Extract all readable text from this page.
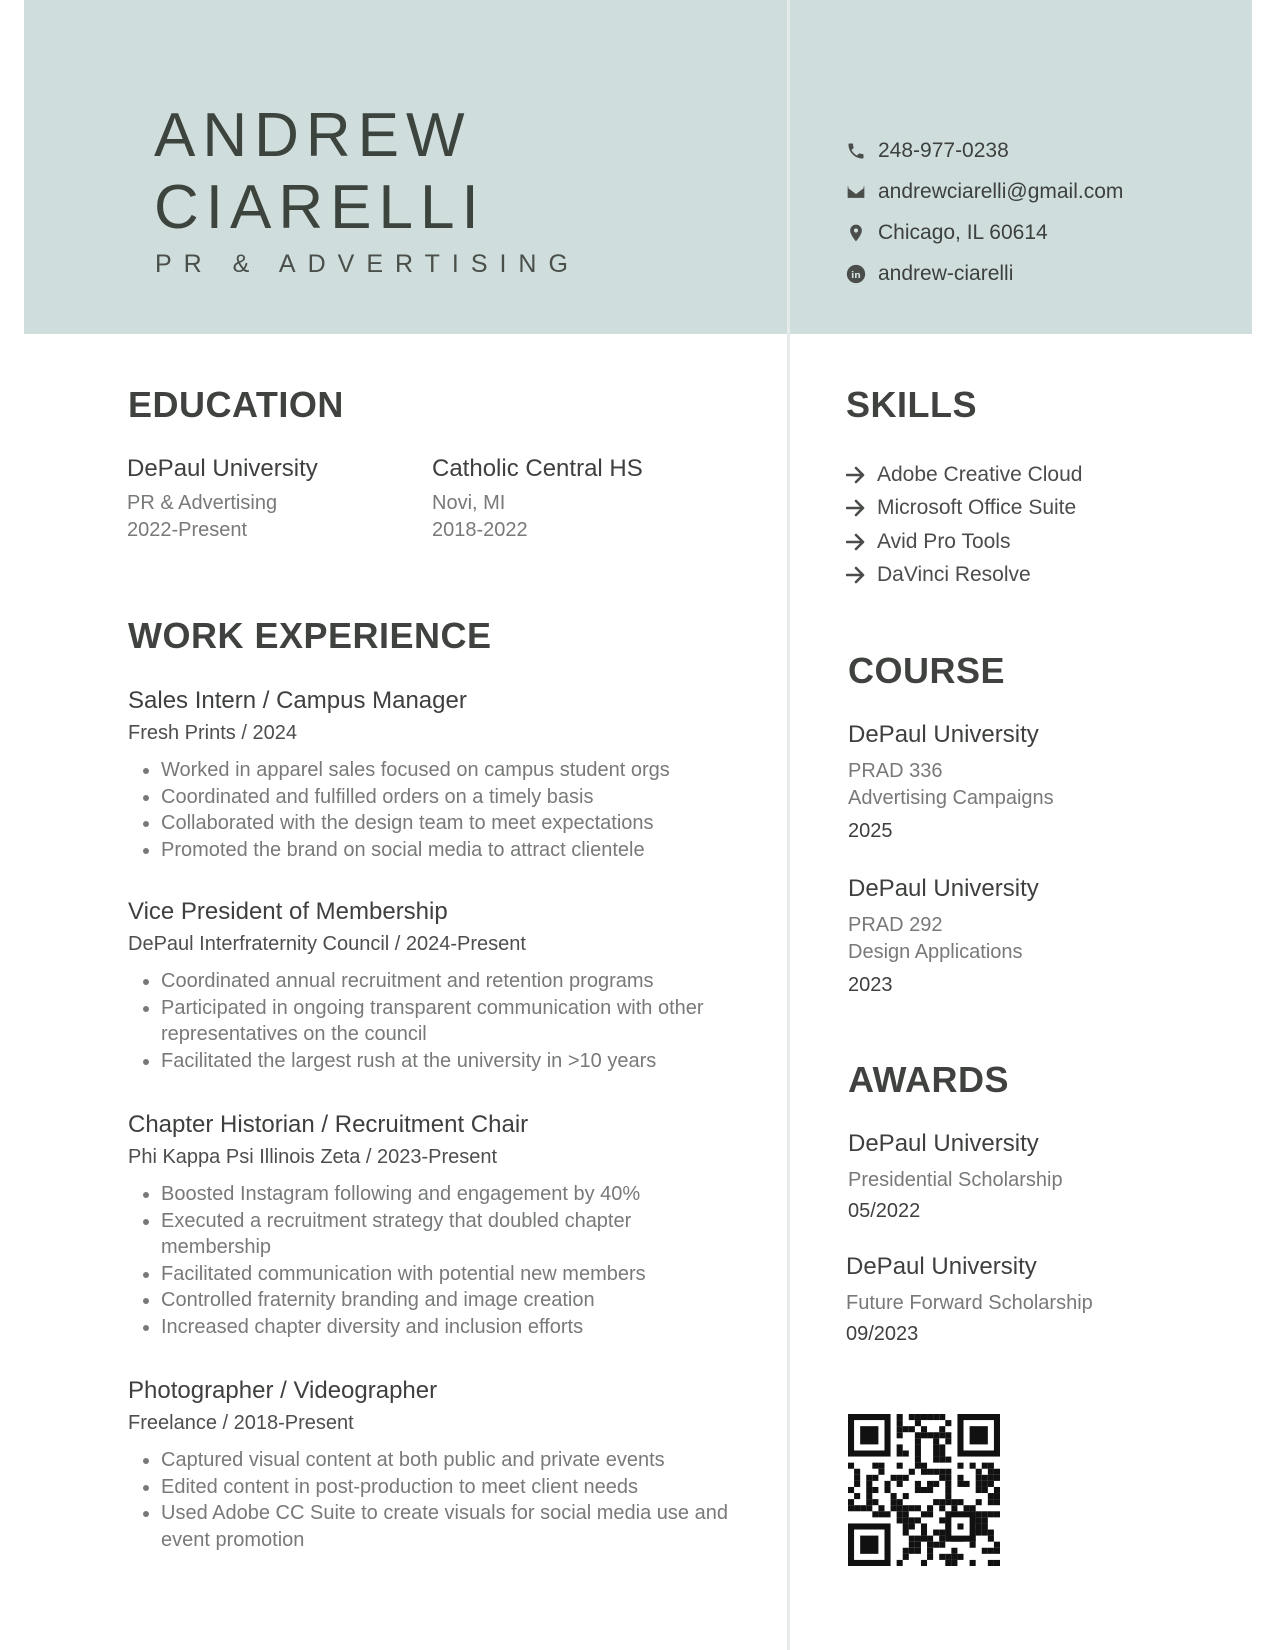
ANDREW
CIARELLI
PR & ADVERTISING
248-977-0238
andrewciarelli@gmail.com
Chicago, IL 60614
in andrew-ciarelli
EDUCATION
DePaul University
PR & Advertising
2022-Present
Catholic Central HS
Novi, MI
2018-2022
WORK EXPERIENCE
Sales Intern / Campus Manager
Fresh Prints / 2024
• Worked in apparel sales focused on campus student orgs
• Coordinated and fulfilled orders on a timely basis
• Collaborated with the design team to meet expectations
• Promoted the brand on social media to attract clientele
Vice President of Membership
DePaul Interfraternity Council / 2024-Present
• Coordinated annual recruitment and retention programs
• Participated in ongoing transparent communication with other representatives on the council
• Facilitated the largest rush at the university in >10 years
Chapter Historian / Recruitment Chair
Phi Kappa Psi Illinois Zeta / 2023-Present
• Boosted Instagram following and engagement by 40%
• Executed a recruitment strategy that doubled chapter membership
• Facilitated communication with potential new members
• Controlled fraternity branding and image creation
• Increased chapter diversity and inclusion efforts
Photographer / Videographer
Freelance / 2018-Present
• Captured visual content at both public and private events
• Edited content in post-production to meet client needs
• Used Adobe CC Suite to create visuals for social media use and event promotion
SKILLS
Adobe Creative Cloud
Microsoft Office Suite
Avid Pro Tools
DaVinci Resolve
COURSE
DePaul University
PRAD 336
Advertising Campaigns
2025
DePaul University
PRAD 292
Design Applications
2023
AWARDS
DePaul University
Presidential Scholarship
05/2022
DePaul University
Future Forward Scholarship
09/2023
